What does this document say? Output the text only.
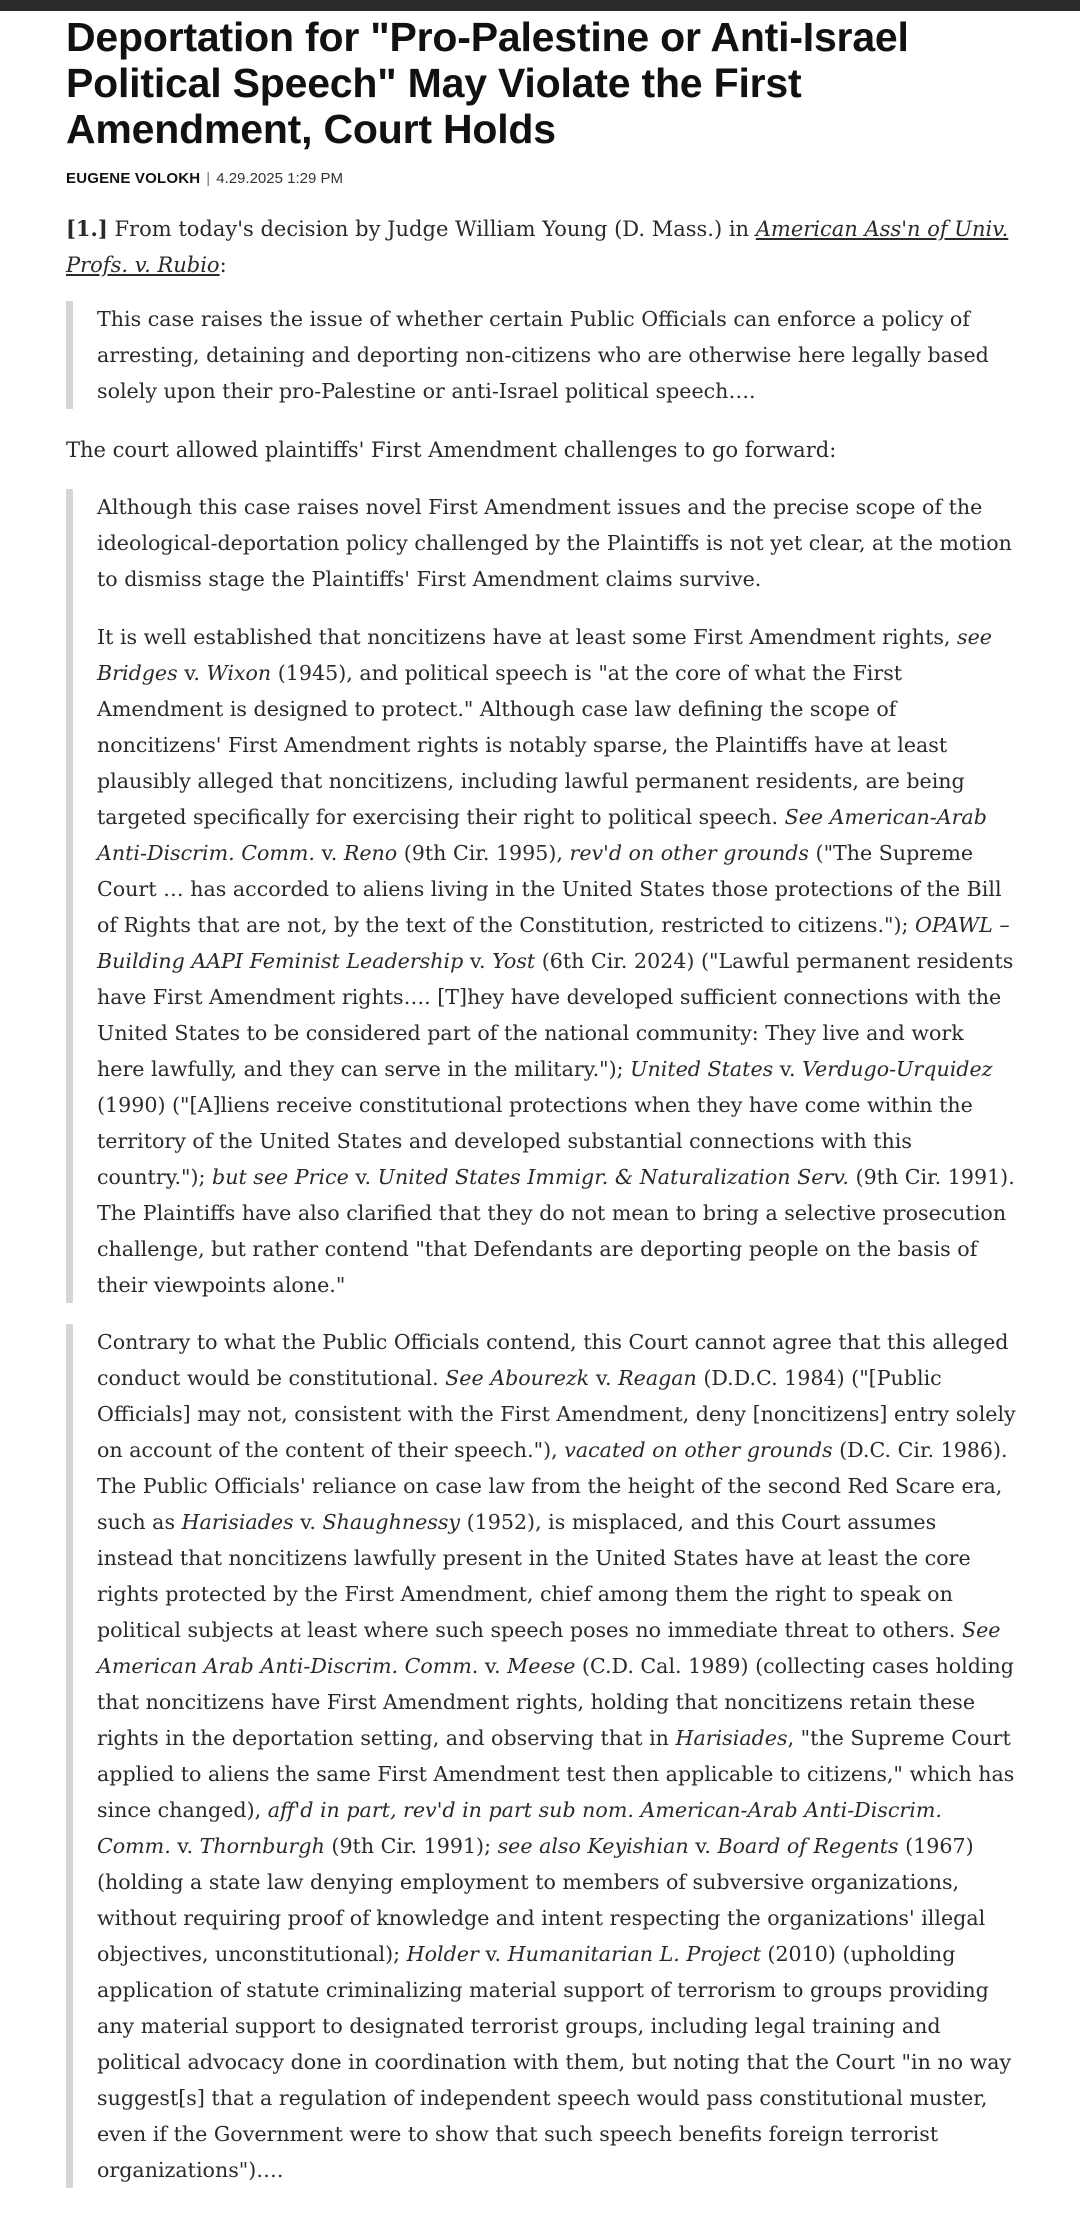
Deportation for "Pro-Palestine or Anti-Israel Political Speech" May Violate the First Amendment, Court Holds
EUGENE VOLOKH | 4.29.2025 1:29 PM

[1.] From today's decision by Judge William Young (D. Mass.) in American Ass'n of Univ. Profs. v. Rubio:

This case raises the issue of whether certain Public Officials can enforce a policy of arresting, detaining and deporting non-citizens who are otherwise here legally based solely upon their pro-Palestine or anti-Israel political speech….

The court allowed plaintiffs' First Amendment challenges to go forward:

Although this case raises novel First Amendment issues and the precise scope of the ideological-deportation policy challenged by the Plaintiffs is not yet clear, at the motion to dismiss stage the Plaintiffs' First Amendment claims survive.

It is well established that noncitizens have at least some First Amendment rights, see Bridges v. Wixon (1945), and political speech is "at the core of what the First Amendment is designed to protect." Although case law defining the scope of noncitizens' First Amendment rights is notably sparse, the Plaintiffs have at least plausibly alleged that noncitizens, including lawful permanent residents, are being targeted specifically for exercising their right to political speech. See American-Arab Anti-Discrim. Comm. v. Reno (9th Cir. 1995), rev'd on other grounds ("The Supreme Court … has accorded to aliens living in the United States those protections of the Bill of Rights that are not, by the text of the Constitution, restricted to citizens."); OPAWL – Building AAPI Feminist Leadership v. Yost (6th Cir. 2024) ("Lawful permanent residents have First Amendment rights…. [T]hey have developed sufficient connections with the United States to be considered part of the national community: They live and work here lawfully, and they can serve in the military."); United States v. Verdugo-Urquidez (1990) ("[A]liens receive constitutional protections when they have come within the territory of the United States and developed substantial connections with this country."); but see Price v. United States Immigr. & Naturalization Serv. (9th Cir. 1991). The Plaintiffs have also clarified that they do not mean to bring a selective prosecution challenge, but rather contend "that Defendants are deporting people on the basis of their viewpoints alone."

Contrary to what the Public Officials contend, this Court cannot agree that this alleged conduct would be constitutional. See Abourezk v. Reagan (D.D.C. 1984) ("[Public Officials] may not, consistent with the First Amendment, deny [noncitizens] entry solely on account of the content of their speech."), vacated on other grounds (D.C. Cir. 1986). The Public Officials' reliance on case law from the height of the second Red Scare era, such as Harisiades v. Shaughnessy (1952), is misplaced, and this Court assumes instead that noncitizens lawfully present in the United States have at least the core rights protected by the First Amendment, chief among them the right to speak on political subjects at least where such speech poses no immediate threat to others. See American Arab Anti-Discrim. Comm. v. Meese (C.D. Cal. 1989) (collecting cases holding that noncitizens have First Amendment rights, holding that noncitizens retain these rights in the deportation setting, and observing that in Harisiades, "the Supreme Court applied to aliens the same First Amendment test then applicable to citizens," which has since changed), aff'd in part, rev'd in part sub nom. American-Arab Anti-Discrim. Comm. v. Thornburgh (9th Cir. 1991); see also Keyishian v. Board of Regents (1967) (holding a state law denying employment to members of subversive organizations, without requiring proof of knowledge and intent respecting the organizations' illegal objectives, unconstitutional); Holder v. Humanitarian L. Project (2010) (upholding application of statute criminalizing material support of terrorism to groups providing any material support to designated terrorist groups, including legal training and political advocacy done in coordination with them, but noting that the Court "in no way suggest[s] that a regulation of independent speech would pass constitutional muster, even if the Government were to show that such speech benefits foreign terrorist organizations")….
